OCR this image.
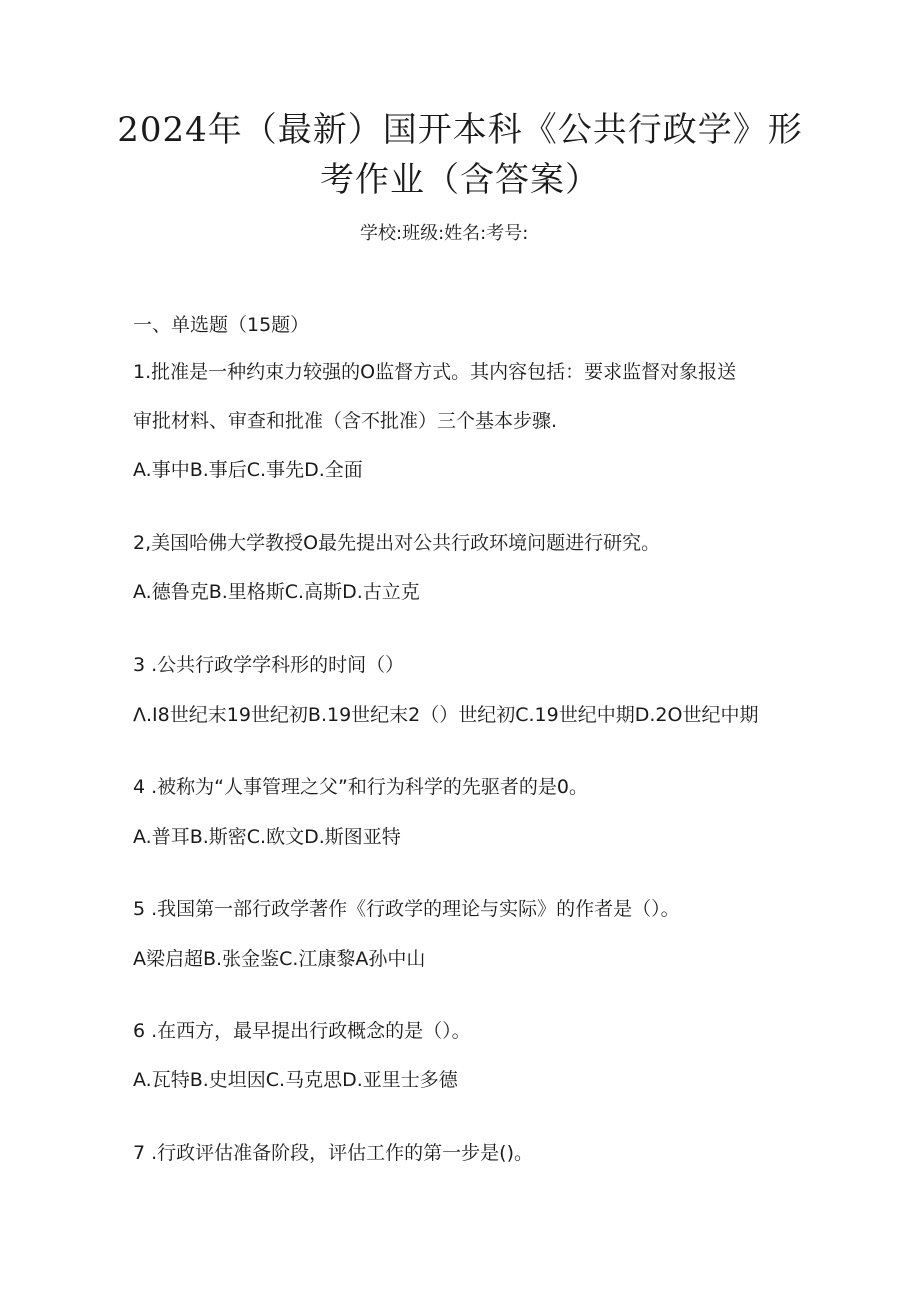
2024年（最新）国开本科《公共行政学》形
考作业（含答案）
学校:班级:姓名:考号:
一、单选题（15题）
1.批准是一种约束力较强的O监督方式。其内容包括：要求监督对象报送
审批材料、审查和批准（含不批准）三个基本步骤.
A.事中B.事后C.事先D.全面
2,美国哈佛大学教授O最先提出对公共行政环境问题进行研究。
A.德鲁克B.里格斯C.高斯D.古立克
3 .公共行政学学科形的时间（）
Λ.I8世纪末19世纪初B.19世纪末2（）世纪初C.19世纪中期D.2O世纪中期
4 .被称为“人事管理之父”和行为科学的先驱者的是0。
A.普耳B.斯密C.欧文D.斯图亚特
5 .我国第一部行政学著作《行政学的理论与实际》的作者是（）。
A梁启超B.张金鉴C.江康黎A孙中山
6 .在西方，最早提出行政概念的是（）。
A.瓦特B.史坦因C.马克思D.亚里士多德
7 .行政评估准备阶段，评估工作的第一步是()。
